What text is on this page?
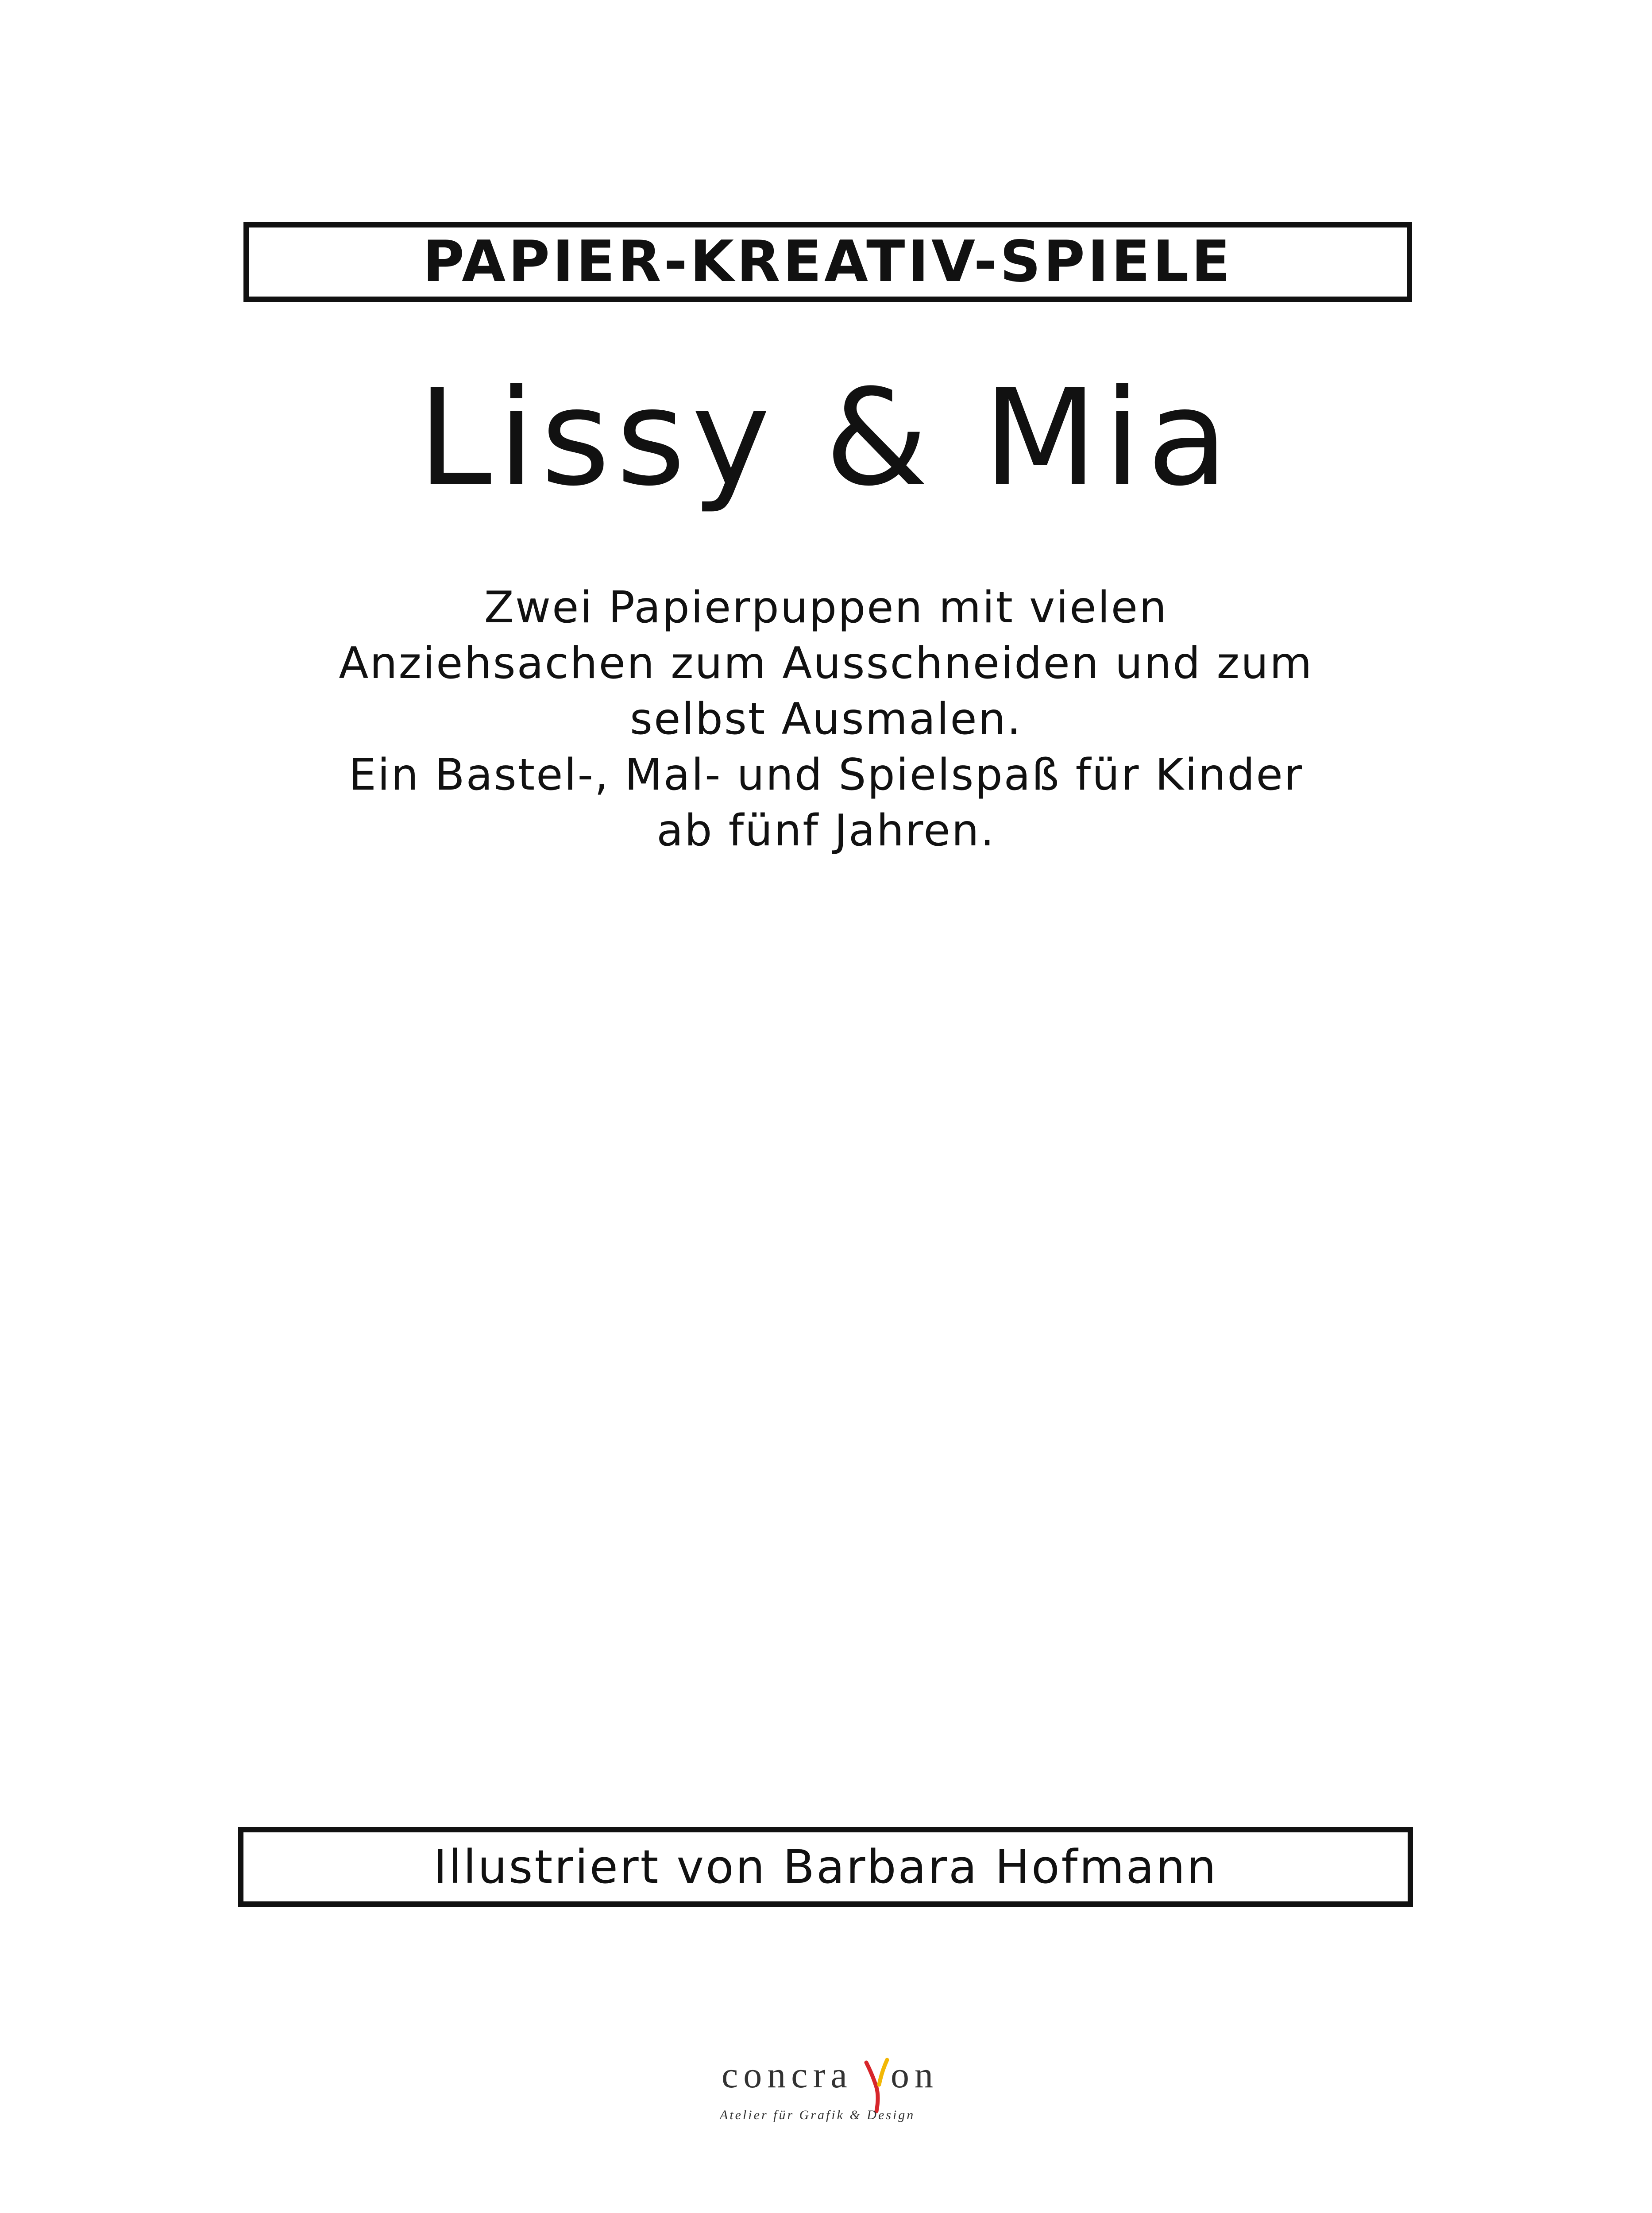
PAPIER-KREATIV-SPIELE
Lissy & Mia
Zwei Papierpuppen mit vielen
Anziehsachen zum Ausschneiden und zum
selbst Ausmalen.
Ein Bastel-, Mal- und Spielspaß für Kinder
ab fünf Jahren.
Illustriert von Barbara Hofmann
concra on
Atelier für Grafik & Design
